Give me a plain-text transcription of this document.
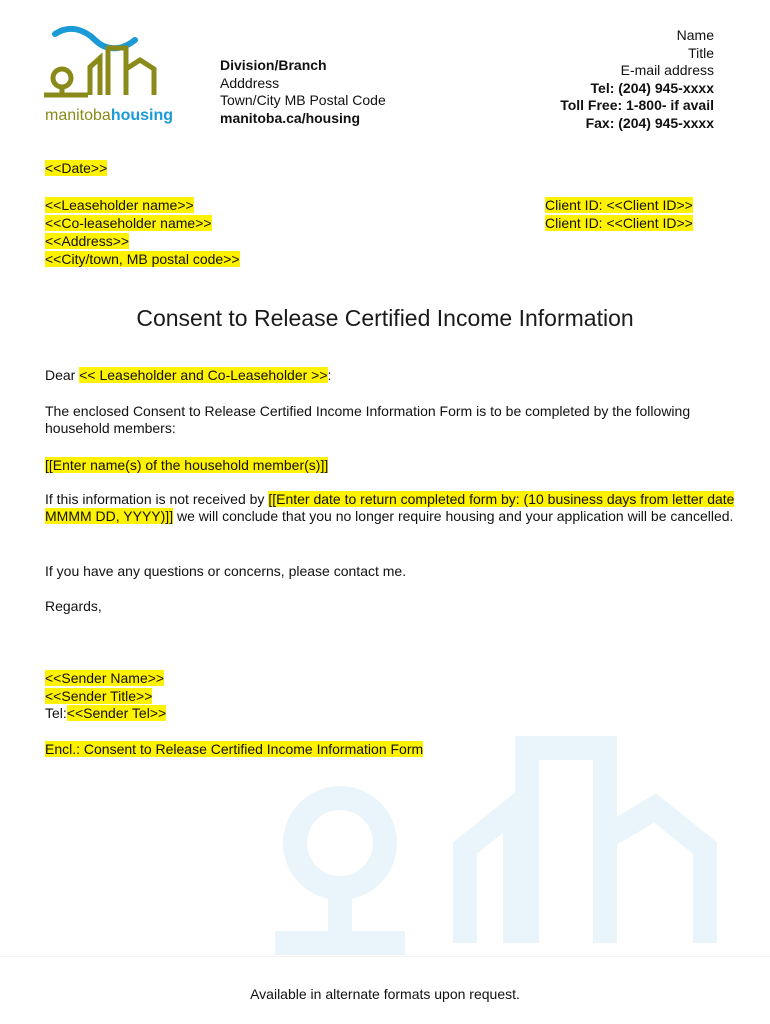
manitobahousing
Division/Branch
Adddress
Town/City MB Postal Code
manitoba.ca/housing
Name
Title
E-mail address
Tel: (204) 945-xxxx
Toll Free: 1-800- if avail
Fax: (204) 945-xxxx
<<Date>>
<<Leaseholder name>>
<<Co-leaseholder name>>
<<Address>>
<<City/town, MB postal code>>
Client ID: <<Client ID>>
Client ID: <<Client ID>>
Consent to Release Certified Income Information
Dear << Leaseholder and Co-Leaseholder >>:
The enclosed Consent to Release Certified Income Information Form is to be completed by the following household members:
[[Enter name(s) of the household member(s)]]
If this information is not received by [[Enter date to return completed form by: (10 business days from letter date MMMM DD, YYYY)]] we will conclude that you no longer require housing and your application will be cancelled.
If you have any questions or concerns, please contact me.
Regards,
<<Sender Name>>
<<Sender Title>>
Tel:<<Sender Tel>>
Encl.: Consent to Release Certified Income Information Form
Available in alternate formats upon request.
